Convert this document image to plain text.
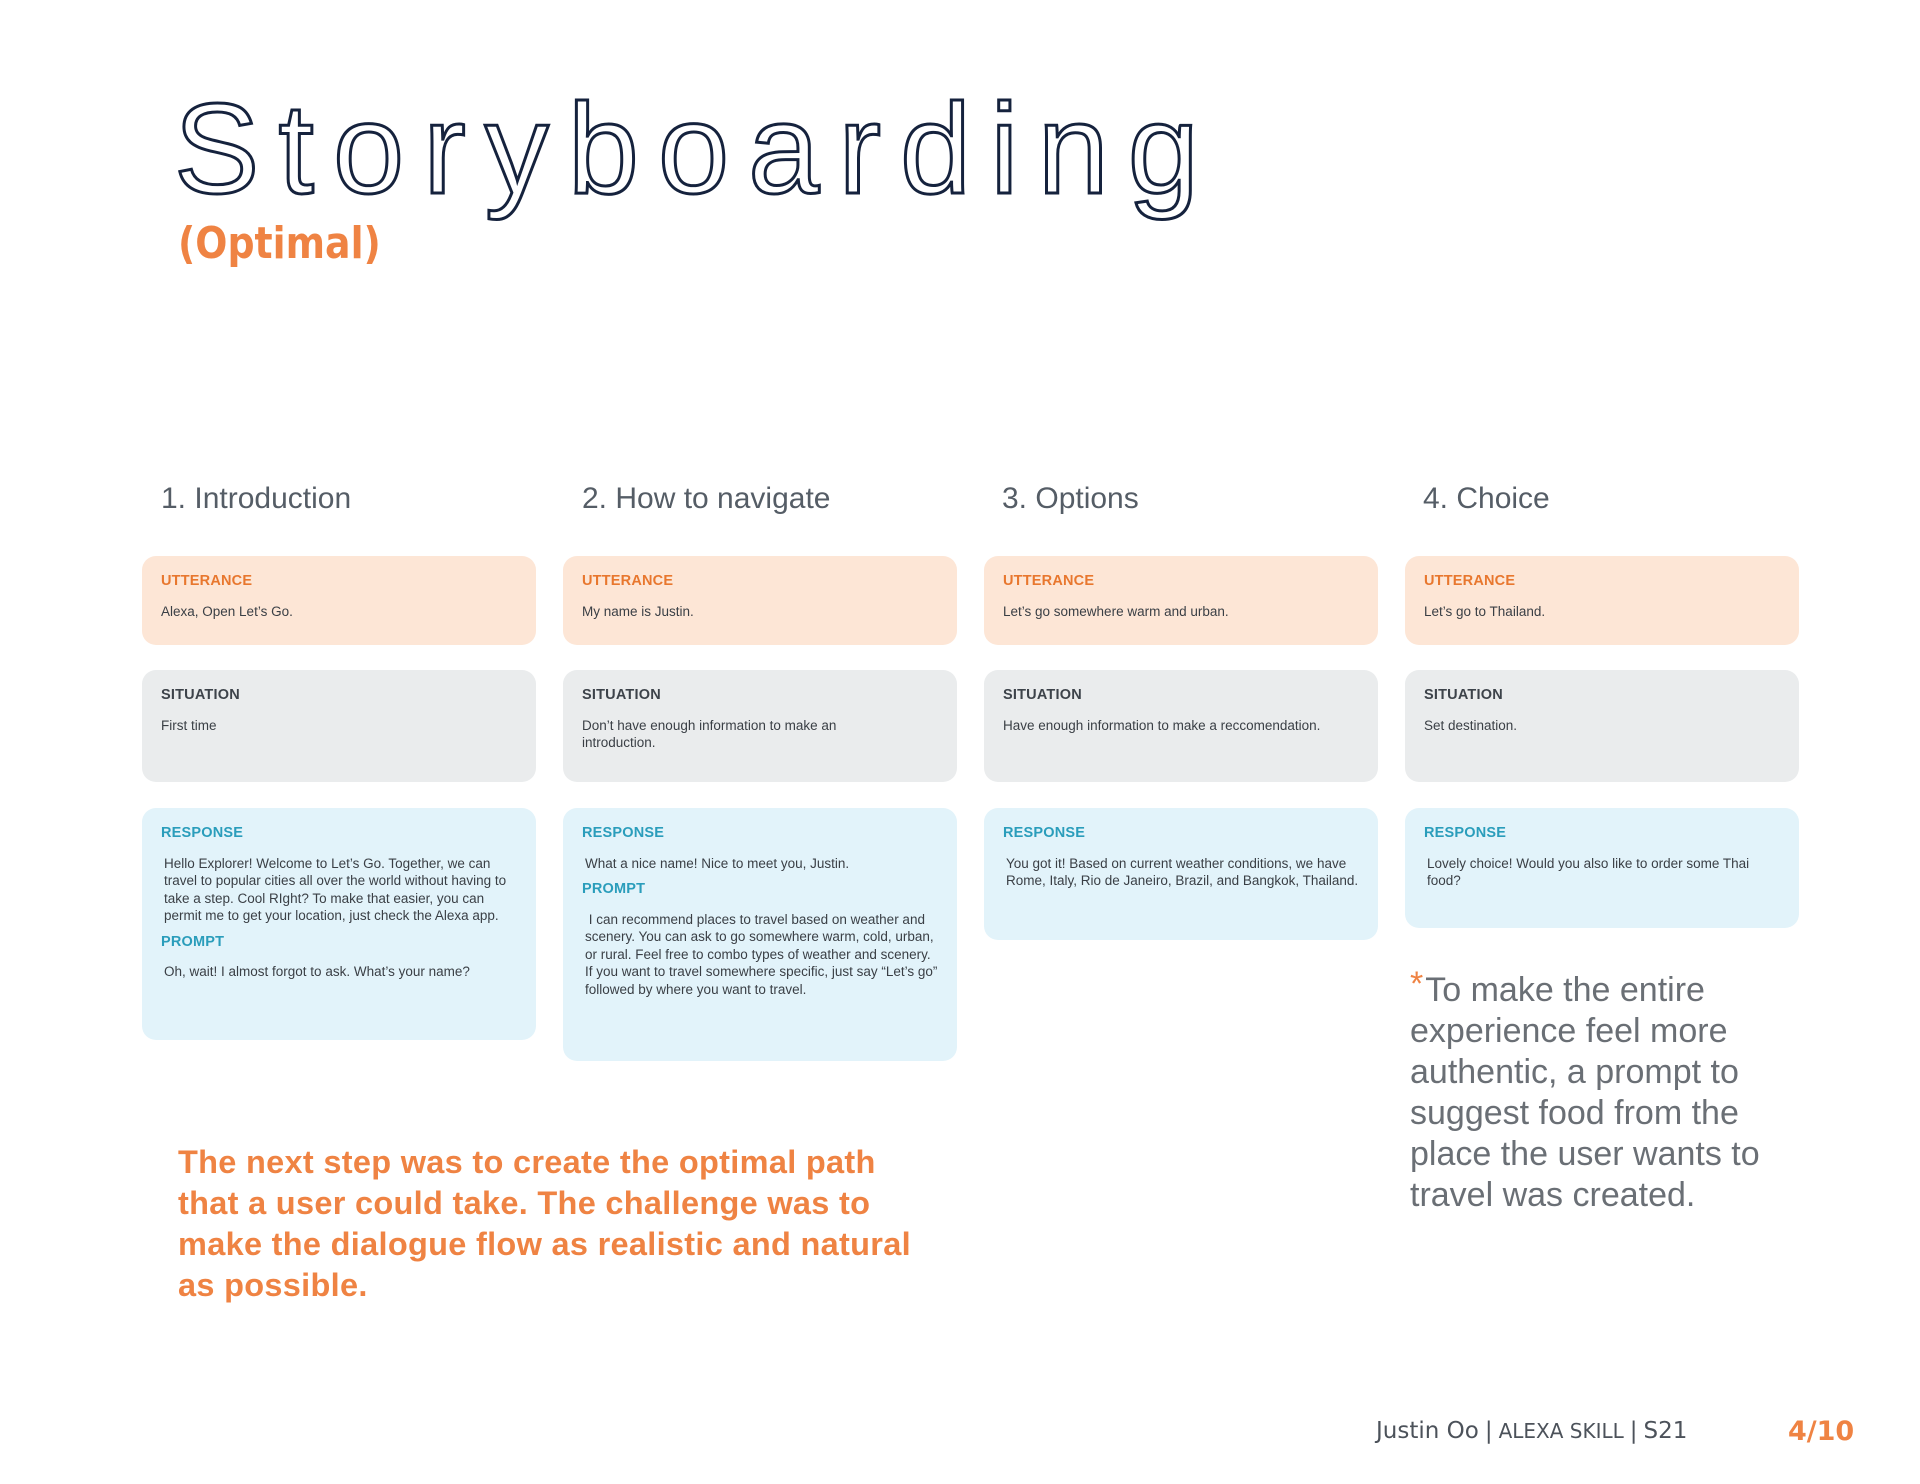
Storyboarding
(Optimal)
1. Introduction
UTTERANCE

Alexa, Open Let’s Go.

SITUATION

First time

RESPONSE

Hello Explorer! Welcome to Let’s Go. Together, we can travel to popular cities all over the world without having to take a step. Cool RIght? To make that easier, you can permit me to get your location, just check the Alexa app.

PROMPT

Oh, wait! I almost forgot to ask. What’s your name?

2. How to navigate
UTTERANCE

My name is Justin.

SITUATION

Don’t have enough information to make an introduction.

RESPONSE

What a nice name! Nice to meet you, Justin.

PROMPT

I can recommend places to travel based on weather and scenery. You can ask to go somewhere warm, cold, urban, or rural. Feel free to combo types of weather and scenery. If you want to travel somewhere specific, just say “Let’s go” followed by where you want to travel.

3. Options
UTTERANCE

Let’s go somewhere warm and urban.

SITUATION

Have enough information to make a reccomendation.

RESPONSE

You got it! Based on current weather conditions, we have Rome, Italy, Rio de Janeiro, Brazil, and Bangkok, Thailand.

4. Choice
UTTERANCE

Let’s go to Thailand.

SITUATION

Set destination.

RESPONSE

Lovely choice! Would you also like to order some Thai food?

*To make the entire experience feel more authentic, a prompt to suggest food from the place the user wants to travel was created.

The next step was to create the optimal path that a user could take. The challenge was to make the dialogue flow as realistic and natural as possible.

Justin Oo | ALEXA SKILL | S21	4/10
